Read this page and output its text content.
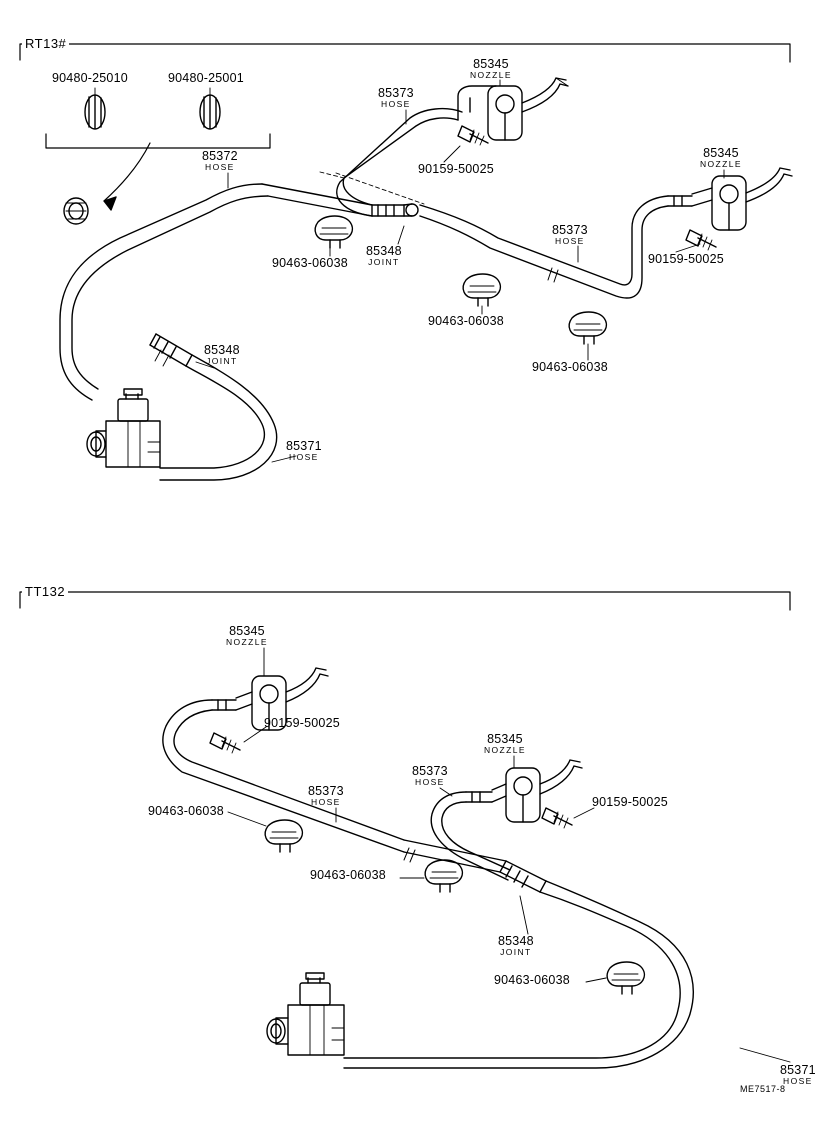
RT13#
TT132
90480-25010	90480-25001
85372
HOSE
85373
HOSE
85345
NOZZLE
90159-50025
85345
NOZZLE
90159-50025
85373
HOSE
90463-06038
85348
JOINT
90463-06038
90463-06038
85348
JOINT
85371
HOSE
85345
NOZZLE
90159-50025
85373
HOSE
85373
HOSE
85345
NOZZLE
90159-50025
90463-06038
90463-06038
85348
JOINT
90463-06038
85371
HOSE
ME7517-8
